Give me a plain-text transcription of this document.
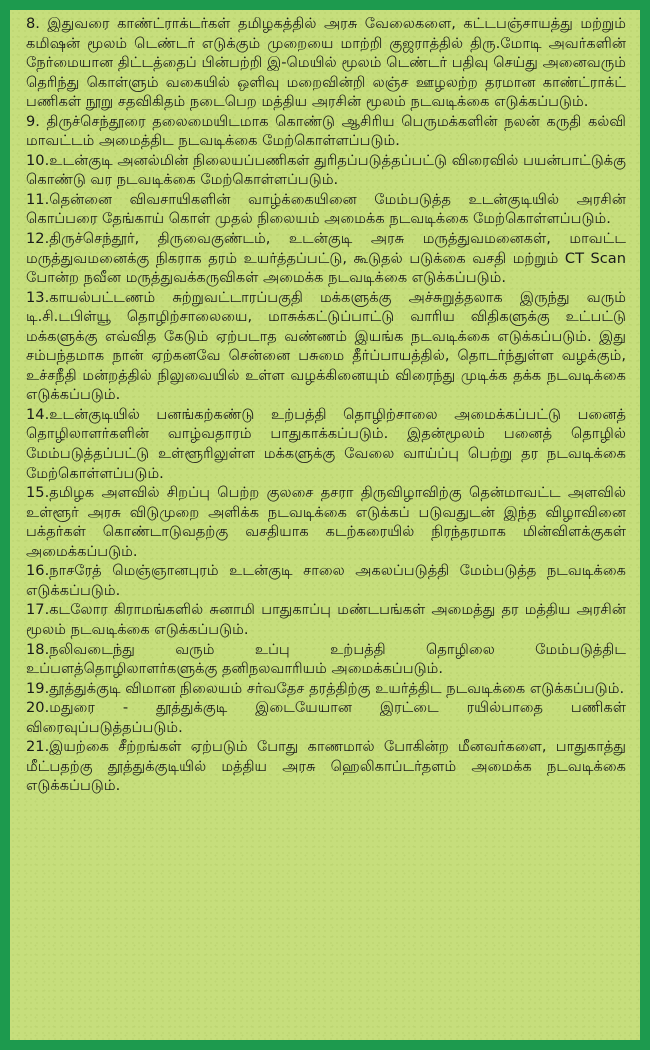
8. இதுவரை காண்ட்ராக்டர்கள் தமிழகத்தில் அரசு வேலைகளை, கட்டபஞ்சாயத்து மற்றும் கமிஷன் மூலம் டெண்டர் எடுக்கும் முறையை மாற்றி குஜராத்தில் திரு.மோடி அவர்களின் நேர்மையான திட்டத்தைப் பின்பற்றி இ-மெயில் மூலம் டெண்டர் பதிவு செய்து அனைவரும் தெரிந்து கொள்ளும் வகையில் ஒளிவு மறைவின்றி லஞ்ச ஊழலற்ற தரமான காண்ட்ராக்ட் பணிகள் நூறு சதவிகிதம் நடைபெற மத்திய அரசின் மூலம் நடவடிக்கை எடுக்கப்படும்.

9. திருச்செந்தூரை தலைமையிடமாக கொண்டு ஆசிரிய பெருமக்களின் நலன் கருதி கல்வி மாவட்டம் அமைத்திட நடவடிக்கை மேற்கொள்ளப்படும்.

10.உடன்குடி அனல்மின் நிலையப்பணிகள் துரிதப்படுத்தப்பட்டு விரைவில் பயன்பாட்டுக்கு கொண்டு வர நடவடிக்கை மேற்கொள்ளப்படும்.

11.தென்னை விவசாயிகளின் வாழ்க்கையினை மேம்படுத்த உடன்குடியில் அரசின் கொப்பரை தேங்காய் கொள் முதல் நிலையம் அமைக்க நடவடிக்கை மேற்கொள்ளப்படும்.

12.திருச்செந்தூர், திருவைகுண்டம், உடன்குடி அரசு மருத்துவமனைகள், மாவட்ட மருத்துவமனைக்கு நிகராக தரம் உயர்த்தப்பட்டு, கூடுதல் படுக்கை வசதி மற்றும் CT Scan போன்ற நவீன மருத்துவக்கருவிகள் அமைக்க நடவடிக்கை எடுக்கப்படும்.

13.காயல்பட்டணம் சுற்றுவட்டாரப்பகுதி மக்களுக்கு அச்சுறுத்தலாக இருந்து வரும் டி.சி.டபிள்யூ தொழிற்சாலையை, மாசுக்கட்டுப்பாட்டு வாரிய விதிகளுக்கு உட்பட்டு மக்களுக்கு எவ்வித கேடும் ஏற்படாத வண்ணம் இயங்க நடவடிக்கை எடுக்கப்படும். இது சம்பந்தமாக நான் ஏற்கனவே சென்னை பசுமை தீர்ப்பாயத்தில், தொடர்ந்துள்ள வழக்கும், உச்சநீதி மன்றத்தில் நிலுவையில் உள்ள வழக்கினையும் விரைந்து முடிக்க தக்க நடவடிக்கை எடுக்கப்படும்.

14.உடன்குடியில் பனங்கற்கண்டு உற்பத்தி தொழிற்சாலை அமைக்கப்பட்டு பனைத் தொழிலாளர்களின் வாழ்வதாரம் பாதுகாக்கப்படும். இதன்மூலம் பனைத் தொழில் மேம்படுத்தப்பட்டு உள்ளூரிலுள்ள மக்களுக்கு வேலை வாய்ப்பு பெற்று தர நடவடிக்கை மேற்கொள்ளப்படும்.

15.தமிழக அளவில் சிறப்பு பெற்ற குலசை தசரா திருவிழாவிற்கு தென்மாவட்ட அளவில் உள்ளூர் அரசு விடுமுறை அளிக்க நடவடிக்கை எடுக்கப் படுவதுடன் இந்த விழாவினை பக்தர்கள் கொண்டாடுவதற்கு வசதியாக கடற்கரையில் நிரந்தரமாக மின்விளக்குகள் அமைக்கப்படும்.

16.நாசரேத் மெஞ்ஞானபுரம் உடன்குடி சாலை அகலப்படுத்தி மேம்படுத்த நடவடிக்கை எடுக்கப்படும்.

17.கடலோர கிராமங்களில் சுனாமி பாதுகாப்பு மண்டபங்கள் அமைத்து தர மத்திய அரசின் மூலம் நடவடிக்கை எடுக்கப்படும்.

18.நலிவடைந்து வரும் உப்பு உற்பத்தி தொழிலை மேம்படுத்திட உப்பளத்தொழிலாளர்களுக்கு தனிநலவாரியம் அமைக்கப்படும்.

19.தூத்துக்குடி விமான நிலையம் சர்வதேச தரத்திற்கு உயர்த்திட நடவடிக்கை எடுக்கப்படும்.

20.மதுரை - தூத்துக்குடி இடையேயான இரட்டை ரயில்பாதை பணிகள் விரைவுப்படுத்தப்படும்.

21.இயற்கை சீற்றங்கள் ஏற்படும் போது காணமால் போகின்ற மீனவர்களை, பாதுகாத்து மீட்பதற்கு தூத்துக்குடியில் மத்திய அரசு ஹெலிகாப்டர்தளம் அமைக்க நடவடிக்கை எடுக்கப்படும்.
